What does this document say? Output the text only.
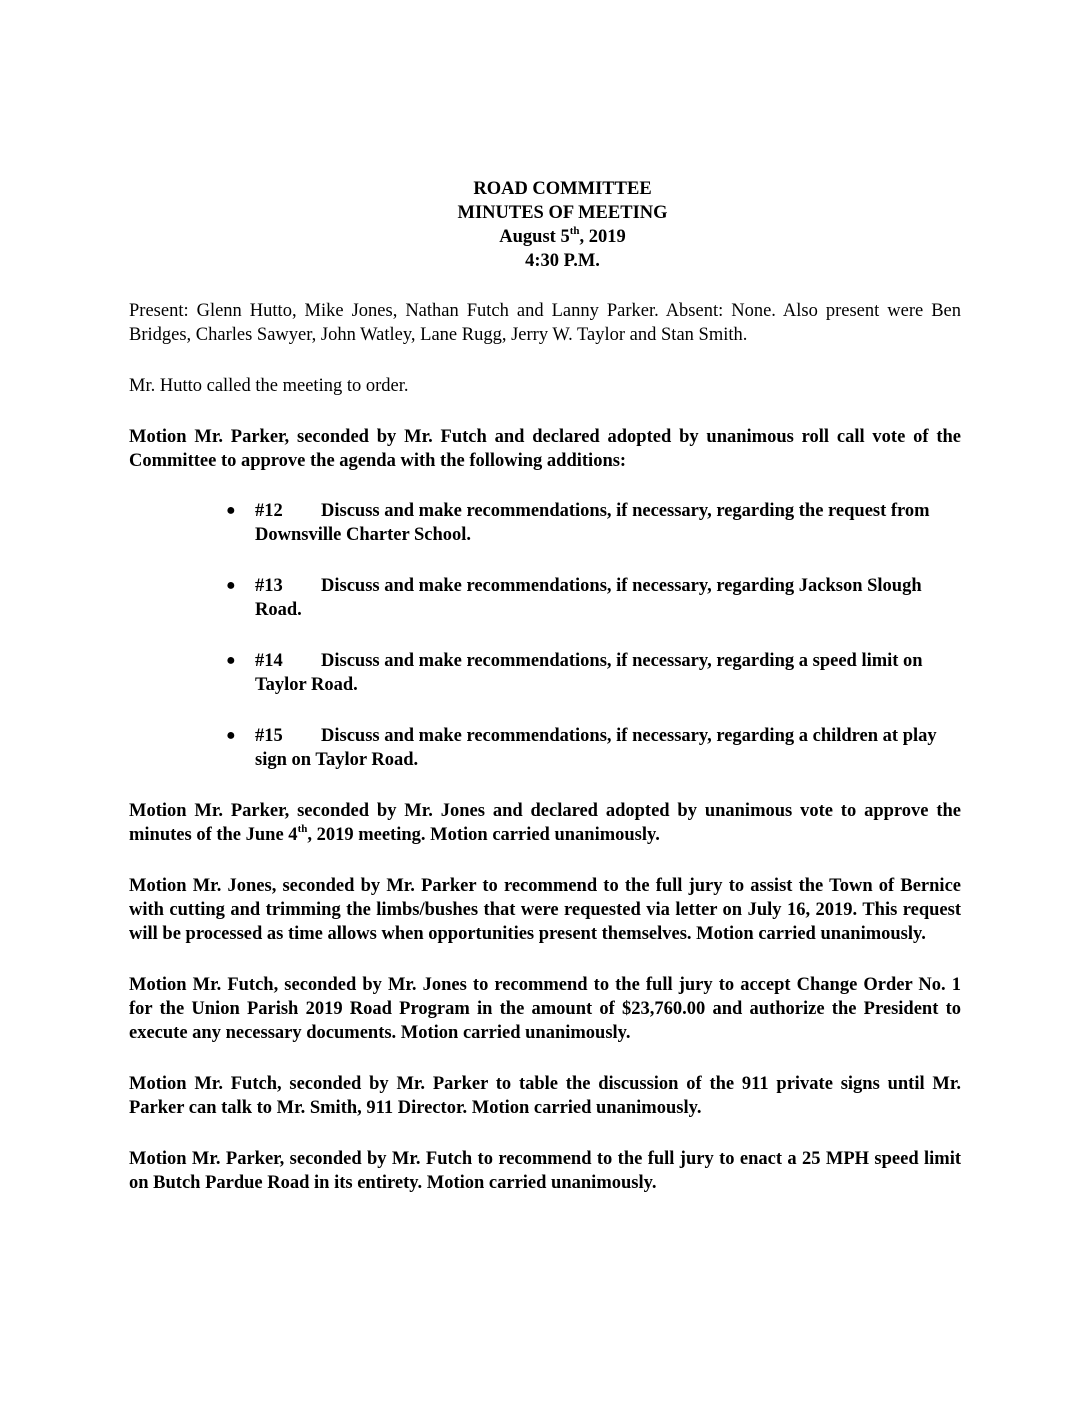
ROAD COMMITTEE
MINUTES OF MEETING
August 5th, 2019
4:30 P.M.

Present: Glenn Hutto, Mike Jones, Nathan Futch and Lanny Parker. Absent: None. Also present were Ben Bridges, Charles Sawyer, John Watley, Lane Rugg, Jerry W. Taylor and Stan Smith.

Mr. Hutto called the meeting to order.

Motion Mr. Parker, seconded by Mr. Futch and declared adopted by unanimous roll call vote of the Committee to approve the agenda with the following additions:

● #12 Discuss and make recommendations, if necessary, regarding the request from Downsville Charter School.
● #13 Discuss and make recommendations, if necessary, regarding Jackson Slough Road.
● #14 Discuss and make recommendations, if necessary, regarding a speed limit on Taylor Road.
● #15 Discuss and make recommendations, if necessary, regarding a children at play sign on Taylor Road.

Motion Mr. Parker, seconded by Mr. Jones and declared adopted by unanimous vote to approve the minutes of the June 4th, 2019 meeting. Motion carried unanimously.

Motion Mr. Jones, seconded by Mr. Parker to recommend to the full jury to assist the Town of Bernice with cutting and trimming the limbs/bushes that were requested via letter on July 16, 2019. This request will be processed as time allows when opportunities present themselves. Motion carried unanimously.

Motion Mr. Futch, seconded by Mr. Jones to recommend to the full jury to accept Change Order No. 1 for the Union Parish 2019 Road Program in the amount of $23,760.00 and authorize the President to execute any necessary documents. Motion carried unanimously.

Motion Mr. Futch, seconded by Mr. Parker to table the discussion of the 911 private signs until Mr. Parker can talk to Mr. Smith, 911 Director. Motion carried unanimously.

Motion Mr. Parker, seconded by Mr. Futch to recommend to the full jury to enact a 25 MPH speed limit on Butch Pardue Road in its entirety. Motion carried unanimously.
